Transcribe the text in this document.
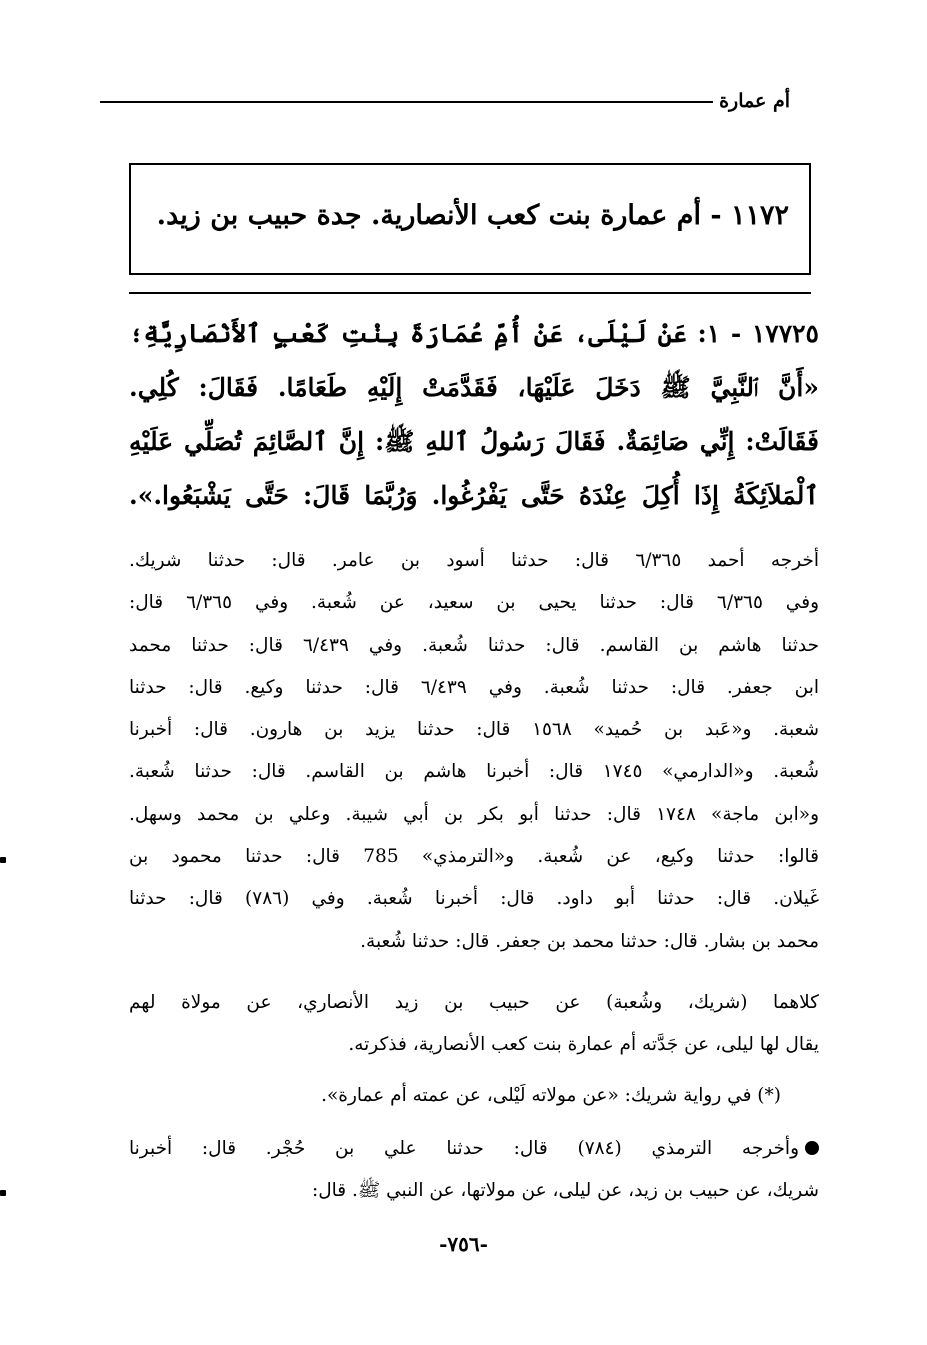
أم عمارة
١١٧٢ - أم عمارة بنت كعب الأنصارية. جدة حبيب بن زيد.
١٧٧٢٥ - ١: عَنْ لَيْلَى، عَنْ أُمِّ عُمَارَةَ بِنْتِ كَعْبٍ ٱلأَنْصَارِيَّةِ؛
«أَنَّ ٱلنَّبِيَّ ﷺ دَخَلَ عَلَيْهَا، فَقَدَّمَتْ إِلَيْهِ طَعَامًا. فَقَالَ: كُلِي.
فَقَالَتْ: إِنِّي صَائِمَةٌ. فَقَالَ رَسُولُ ٱللهِ ﷺ: إِنَّ ٱلصَّائِمَ تُصَلِّي عَلَيْهِ
ٱلْمَلاَئِكَةُ إِذَا أُكِلَ عِنْدَهُ حَتَّى يَفْرُغُوا. وَرُبَّمَا قَالَ: حَتَّى يَشْبَعُوا.».
أخرجه أحمد ٦/٣٦٥ قال: حدثنا أسود بن عامر. قال: حدثنا شريك.
وفي ٦/٣٦٥ قال: حدثنا يحيى بن سعيد، عن شُعبة. وفي ٦/٣٦٥ قال:
حدثنا هاشم بن القاسم. قال: حدثنا شُعبة. وفي ٦/٤٣٩ قال: حدثنا محمد
ابن جعفر. قال: حدثنا شُعبة. وفي ٦/٤٣٩ قال: حدثنا وكيع. قال: حدثنا
شعبة. و«عَبد بن حُميد» ١٥٦٨ قال: حدثنا يزيد بن هارون. قال: أخبرنا
شُعبة. و«الدارمي» ١٧٤٥ قال: أخبرنا هاشم بن القاسم. قال: حدثنا شُعبة.
و«ابن ماجة» ١٧٤٨ قال: حدثنا أبو بكر بن أبي شيبة. وعلي بن محمد وسهل.
قالوا: حدثنا وكيع، عن شُعبة. و«الترمذي» 785 قال: حدثنا محمود بن
غَيلان. قال: حدثنا أبو داود. قال: أخبرنا شُعبة. وفي (٧٨٦) قال: حدثنا
محمد بن بشار. قال: حدثنا محمد بن جعفر. قال: حدثنا شُعبة.
كلاهما (شريك، وشُعبة) عن حبيب بن زيد الأنصاري، عن مولاة لهم
يقال لها ليلى، عن جَدَّته أم عمارة بنت كعب الأنصارية، فذكرته.
(*) في رواية شريك: «عن مولاته لَيْلى، عن عمته أم عمارة».
وأخرجه الترمذي (٧٨٤) قال: حدثنا علي بن حُجْر. قال: أخبرنا
شريك، عن حبيب بن زيد، عن ليلى، عن مولاتها، عن النبي ﷺ. قال:
-٧٥٦-
